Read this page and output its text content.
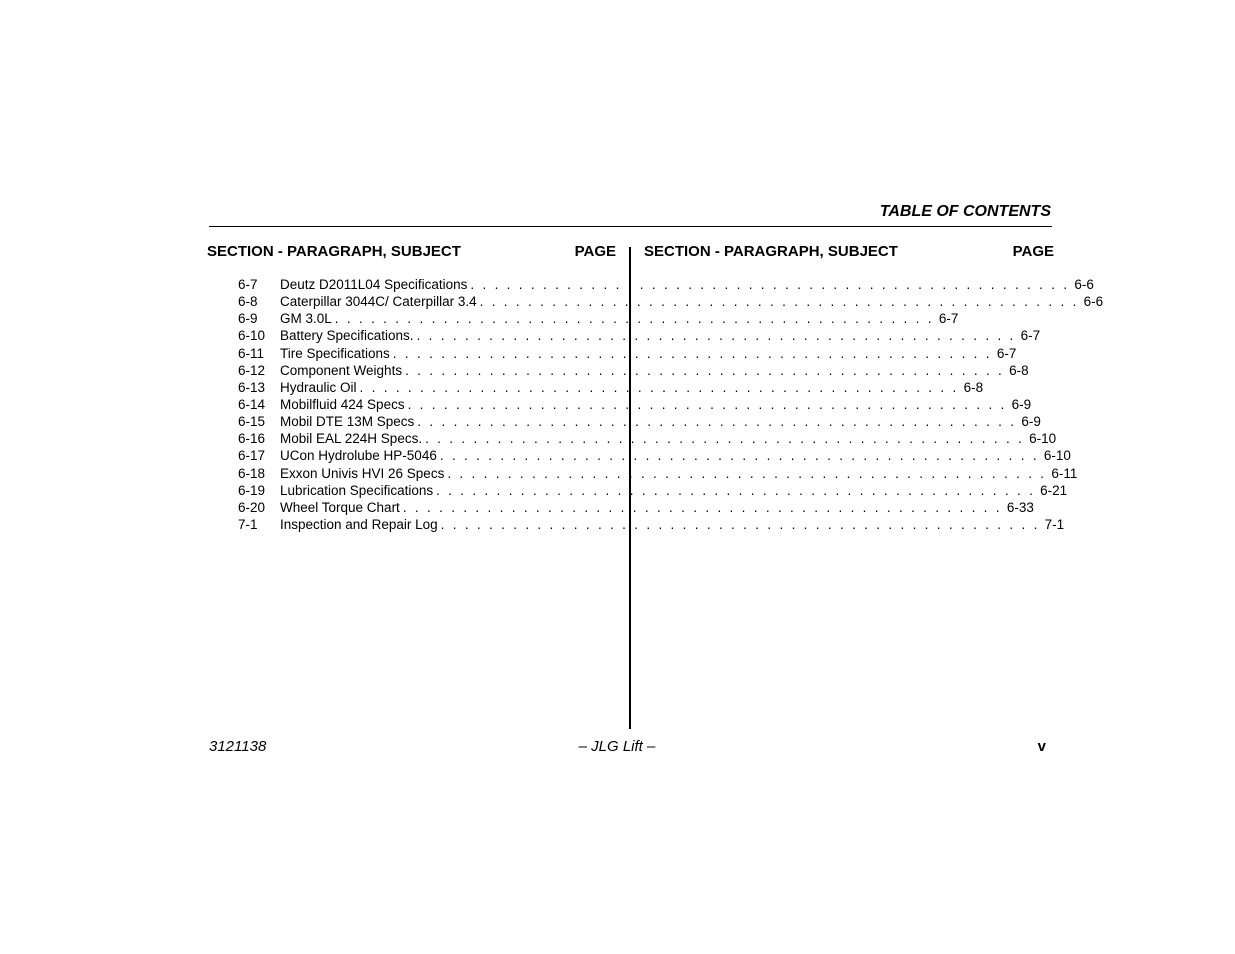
TABLE OF CONTENTS
SECTION - PARAGRAPH, SUBJECT	PAGE SECTION - PARAGRAPH, SUBJECT	PAGE
6-7	Deutz D2011L04 Specifications . . . . . . . . . . . . . . . . . . . . . . . . . . . . . . . . . . . . . . . . . . . . . . . . . . 6-6
6-8	Caterpillar 3044C/ Caterpillar 3.4 . . . . . . . . . . . . . . . . . . . . . . . . . . . . . . . . . . . . . . . . . . . . . . . . . . 6-6
6-9	GM 3.0L . . . . . . . . . . . . . . . . . . . . . . . . . . . . . . . . . . . . . . . . . . . . . . . . . . 6-7
6-10	Battery Specifications. . . . . . . . . . . . . . . . . . . . . . . . . . . . . . . . . . . . . . . . . . . . . . . . . . . 6-7
6-11	Tire Specifications . . . . . . . . . . . . . . . . . . . . . . . . . . . . . . . . . . . . . . . . . . . . . . . . . . 6-7
6-12	Component Weights . . . . . . . . . . . . . . . . . . . . . . . . . . . . . . . . . . . . . . . . . . . . . . . . . . 6-8
6-13	Hydraulic Oil . . . . . . . . . . . . . . . . . . . . . . . . . . . . . . . . . . . . . . . . . . . . . . . . . . 6-8
6-14	Mobilfluid 424 Specs . . . . . . . . . . . . . . . . . . . . . . . . . . . . . . . . . . . . . . . . . . . . . . . . . . 6-9
6-15	Mobil DTE 13M Specs . . . . . . . . . . . . . . . . . . . . . . . . . . . . . . . . . . . . . . . . . . . . . . . . . . 6-9
6-16	Mobil EAL 224H Specs. . . . . . . . . . . . . . . . . . . . . . . . . . . . . . . . . . . . . . . . . . . . . . . . . . . 6-10
6-17	UCon Hydrolube HP-5046 . . . . . . . . . . . . . . . . . . . . . . . . . . . . . . . . . . . . . . . . . . . . . . . . . . 6-10
6-18	Exxon Univis HVI 26 Specs . . . . . . . . . . . . . . . . . . . . . . . . . . . . . . . . . . . . . . . . . . . . . . . . . . 6-11
6-19	Lubrication Specifications . . . . . . . . . . . . . . . . . . . . . . . . . . . . . . . . . . . . . . . . . . . . . . . . . . 6-21
6-20	Wheel Torque Chart . . . . . . . . . . . . . . . . . . . . . . . . . . . . . . . . . . . . . . . . . . . . . . . . . . 6-33
7-1	Inspection and Repair Log . . . . . . . . . . . . . . . . . . . . . . . . . . . . . . . . . . . . . . . . . . . . . . . . . . 7-1
3121138	– JLG Lift –	v
